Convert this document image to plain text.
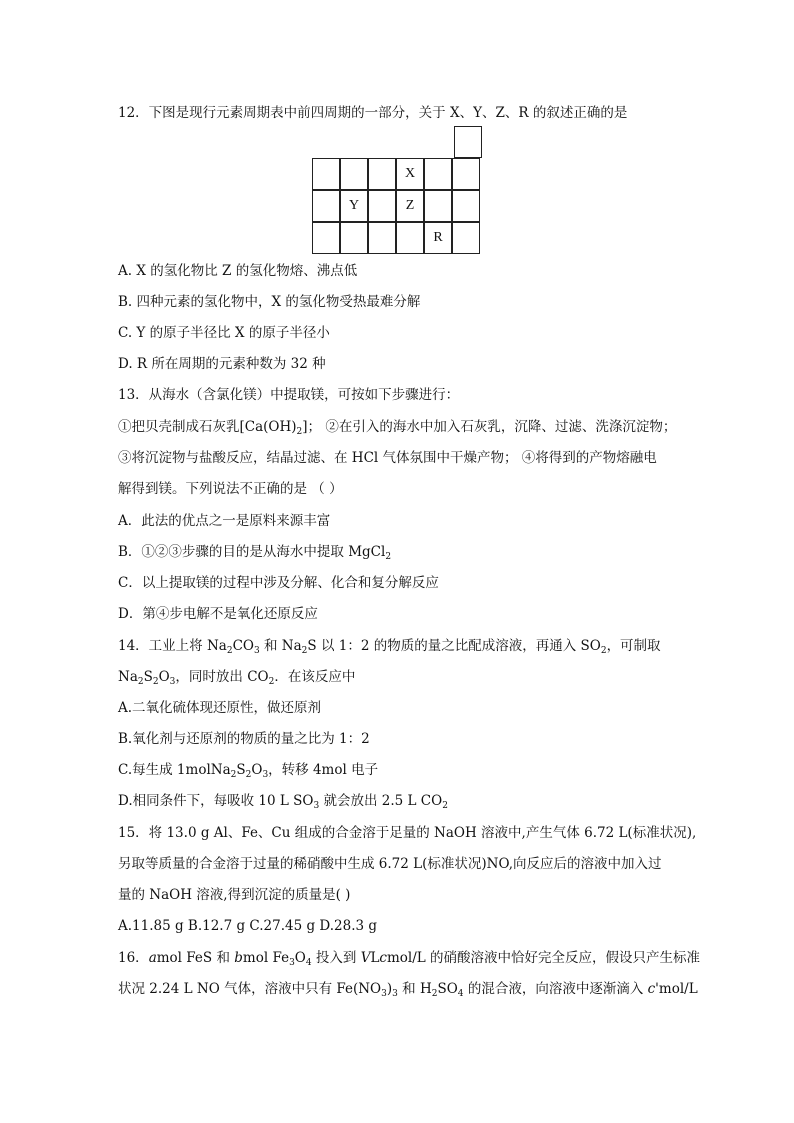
12．下图是现行元素周期表中前四周期的一部分，关于 X、Y、Z、R 的叙述正确的是
X
Y	Z
R
A. X 的氢化物比 Z 的氢化物熔、沸点低
B. 四种元素的氢化物中，X 的氢化物受热最难分解
C. Y 的原子半径比 X 的原子半径小
D. R 所在周期的元素种数为 32 种
13．从海水（含氯化镁）中提取镁，可按如下步骤进行：
①把贝壳制成石灰乳$[Ca(OH)_2]$； ②在引入的海水中加入石灰乳，沉降、过滤、洗涤沉淀物；
③将沉淀物与盐酸反应，结晶过滤、在 HCl 气体氛围中干燥产物； ④将得到的产物熔融电
解得到镁。下列说法不正确的是 （ ）
A．此法的优点之一是原料来源丰富
B．①②③步骤的目的是从海水中提取 MgCl$_2$
C．以上提取镁的过程中涉及分解、化合和复分解反应
D．第④步电解不是氧化还原反应
14．工业上将 $Na_2CO_3$ 和 $Na_2S$ 以 1：2 的物质的量之比配成溶液，再通入 $SO_2$，可制取
$Na_2S_2O_3$，同时放出 $CO_2$．在该反应中
A.二氧化硫体现还原性，做还原剂
B.氧化剂与还原剂的物质的量之比为 1：2
C.每生成 $1molNa_2S_2O_3$，转移 4mol 电子
D.相同条件下，每吸收 10 L $SO_3$ 就会放出 2.5 L $CO_2$
15．将 13.0 g Al、Fe、Cu 组成的合金溶于足量的 NaOH 溶液中,产生气体 6.72 L(标准状况),
另取等质量的合金溶于过量的稀硝酸中生成 6.72 L(标准状况)NO,向反应后的溶液中加入过
量的 NaOH 溶液,得到沉淀的质量是( )
A.11.85 g B.12.7 g C.27.45 g D.28.3 g
16．amol FeS 和 bmol $Fe_3O_4$ 投入到 VLcmol/L 的硝酸溶液中恰好完全反应，假设只产生标准
状况 2.24 L NO 气体，溶液中只有 $Fe(NO_3)_3$ 和 $H_2SO_4$ 的混合液，向溶液中逐渐滴入 c'mol/L
